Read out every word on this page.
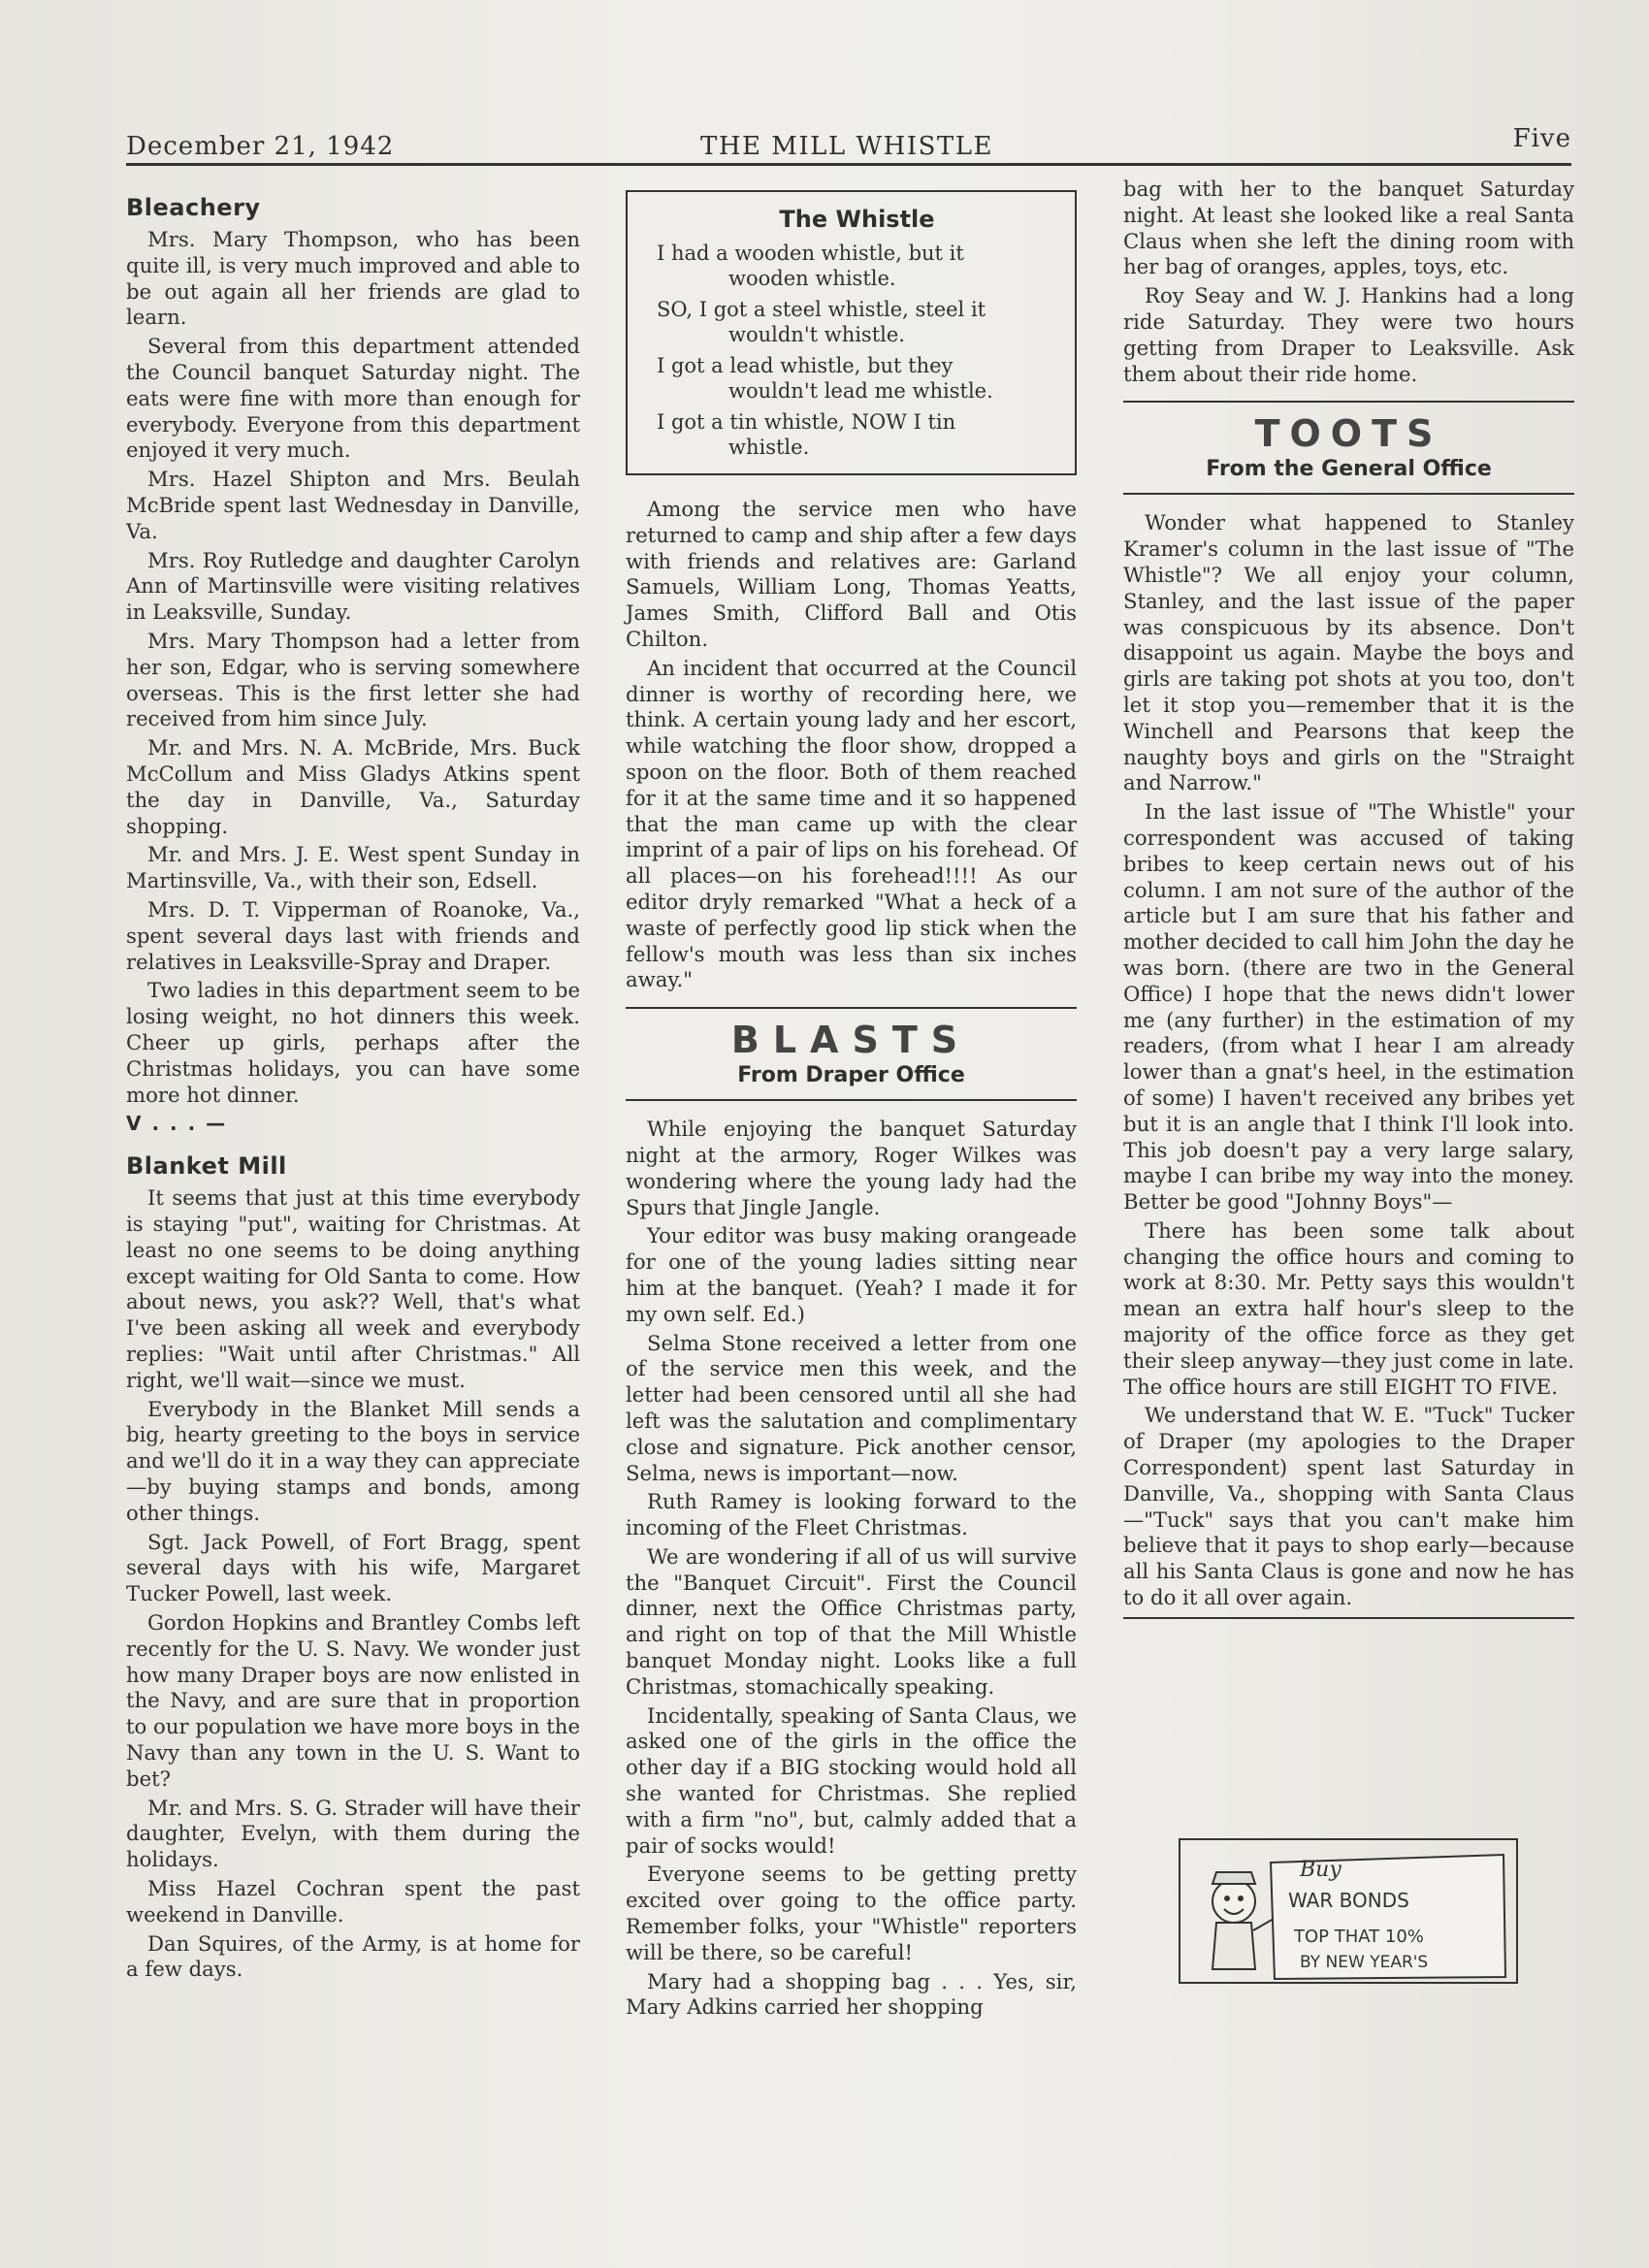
December 21, 1942	THE MILL WHISTLE	Five
Bleachery

Mrs. Mary Thompson, who has been quite ill, is very much improved and able to be out again all her friends are glad to learn.

Several from this department attended the Council banquet Saturday night. The eats were fine with more than enough for everybody. Everyone from this department enjoyed it very much.

Mrs. Hazel Shipton and Mrs. Beulah McBride spent last Wednesday in Danville, Va.

Mrs. Roy Rutledge and daughter Carolyn Ann of Martinsville were visiting relatives in Leaksville, Sunday.

Mrs. Mary Thompson had a letter from her son, Edgar, who is serving somewhere overseas. This is the first letter she had received from him since July.

Mr. and Mrs. N. A. McBride, Mrs. Buck McCollum and Miss Gladys Atkins spent the day in Danville, Va., Saturday shopping.

Mr. and Mrs. J. E. West spent Sunday in Martinsville, Va., with their son, Edsell.

Mrs. D. T. Vipperman of Roanoke, Va., spent several days last with friends and relatives in Leaksville-Spray and Draper.

Two ladies in this department seem to be losing weight, no hot dinners this week. Cheer up girls, perhaps after the Christmas holidays, you can have some more hot dinner.

V . . . —
Blanket Mill

It seems that just at this time everybody is staying "put", waiting for Christmas. At least no one seems to be doing anything except waiting for Old Santa to come. How about news, you ask?? Well, that's what I've been asking all week and everybody replies: "Wait until after Christmas." All right, we'll wait—since we must.

Everybody in the Blanket Mill sends a big, hearty greeting to the boys in service and we'll do it in a way they can appreciate—by buying stamps and bonds, among other things.

Sgt. Jack Powell, of Fort Bragg, spent several days with his wife, Margaret Tucker Powell, last week.

Gordon Hopkins and Brantley Combs left recently for the U. S. Navy. We wonder just how many Draper boys are now enlisted in the Navy, and are sure that in proportion to our population we have more boys in the Navy than any town in the U. S. Want to bet?

Mr. and Mrs. S. G. Strader will have their daughter, Evelyn, with them during the holidays.

Miss Hazel Cochran spent the past weekend in Danville.

Dan Squires, of the Army, is at home for a few days.

The Whistle

I had a wooden whistle, but it

wooden whistle.

SO, I got a steel whistle, steel it

wouldn't whistle.

I got a lead whistle, but they

wouldn't lead me whistle.

I got a tin whistle, NOW I tin

whistle.

Among the service men who have returned to camp and ship after a few days with friends and relatives are: Garland Samuels, William Long, Thomas Yeatts, James Smith, Clifford Ball and Otis Chilton.

An incident that occurred at the Council dinner is worthy of recording here, we think. A certain young lady and her escort, while watching the floor show, dropped a spoon on the floor. Both of them reached for it at the same time and it so happened that the man came up with the clear imprint of a pair of lips on his forehead. Of all places—on his forehead!!!! As our editor dryly remarked "What a heck of a waste of perfectly good lip stick when the fellow's mouth was less than six inches away."

BLASTS
From Draper Office

While enjoying the banquet Saturday night at the armory, Roger Wilkes was wondering where the young lady had the Spurs that Jingle Jangle.

Your editor was busy making orangeade for one of the young ladies sitting near him at the banquet. (Yeah? I made it for my own self. Ed.)

Selma Stone received a letter from one of the service men this week, and the letter had been censored until all she had left was the salutation and complimentary close and signature. Pick another censor, Selma, news is important—now.

Ruth Ramey is looking forward to the incoming of the Fleet Christmas.

We are wondering if all of us will survive the "Banquet Circuit". First the Council dinner, next the Office Christmas party, and right on top of that the Mill Whistle banquet Monday night. Looks like a full Christmas, stomachically speaking.

Incidentally, speaking of Santa Claus, we asked one of the girls in the office the other day if a BIG stocking would hold all she wanted for Christmas. She replied with a firm "no", but, calmly added that a pair of socks would!

Everyone seems to be getting pretty excited over going to the office party. Remember folks, your "Whistle" reporters will be there, so be careful!

Mary had a shopping bag . . . Yes, sir, Mary Adkins carried her shopping

bag with her to the banquet Saturday night. At least she looked like a real Santa Claus when she left the dining room with her bag of oranges, apples, toys, etc.

Roy Seay and W. J. Hankins had a long ride Saturday. They were two hours getting from Draper to Leaksville. Ask them about their ride home.

TOOTS
From the General Office

Wonder what happened to Stanley Kramer's column in the last issue of "The Whistle"? We all enjoy your column, Stanley, and the last issue of the paper was conspicuous by its absence. Don't disappoint us again. Maybe the boys and girls are taking pot shots at you too, don't let it stop you—remember that it is the Winchell and Pearsons that keep the naughty boys and girls on the "Straight and Narrow."

In the last issue of "The Whistle" your correspondent was accused of taking bribes to keep certain news out of his column. I am not sure of the author of the article but I am sure that his father and mother decided to call him John the day he was born. (there are two in the General Office) I hope that the news didn't lower me (any further) in the estimation of my readers, (from what I hear I am already lower than a gnat's heel, in the estimation of some) I haven't received any bribes yet but it is an angle that I think I'll look into. This job doesn't pay a very large salary, maybe I can bribe my way into the money. Better be good "Johnny Boys"—

There has been some talk about changing the office hours and coming to work at 8:30. Mr. Petty says this wouldn't mean an extra half hour's sleep to the majority of the office force as they get their sleep anyway—they just come in late. The office hours are still EIGHT TO FIVE.

We understand that W. E. "Tuck" Tucker of Draper (my apologies to the Draper Correspondent) spent last Saturday in Danville, Va., shopping with Santa Claus—"Tuck" says that you can't make him believe that it pays to shop early—because all his Santa Claus is gone and now he has to do it all over again.

Buy
WAR BONDS
TOP THAT 10%
BY NEW YEAR'S
